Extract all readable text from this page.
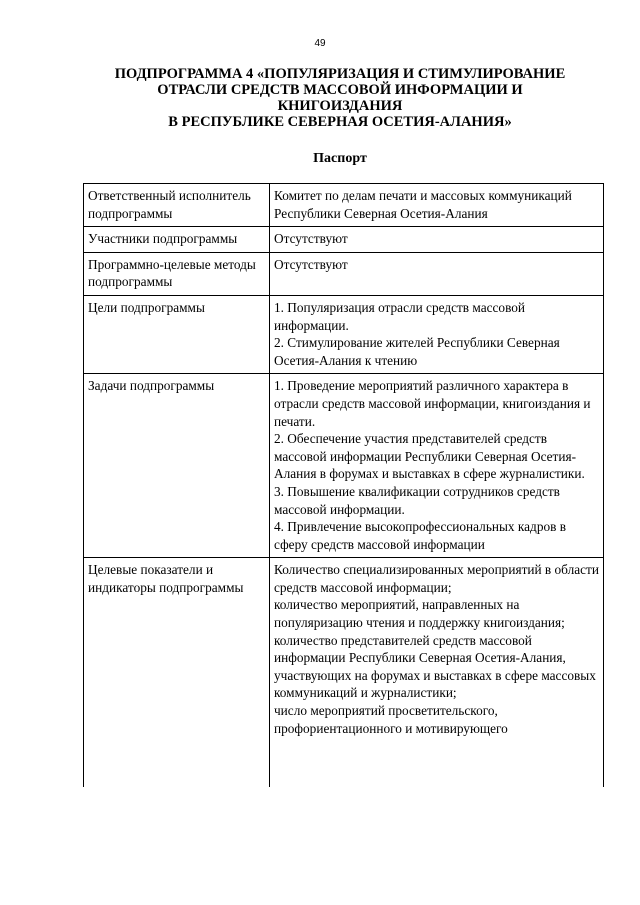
49
ПОДПРОГРАММА 4 «ПОПУЛЯРИЗАЦИЯ И СТИМУЛИРОВАНИЕ
ОТРАСЛИ СРЕДСТВ МАССОВОЙ ИНФОРМАЦИИ И
КНИГОИЗДАНИЯ
В РЕСПУБЛИКЕ СЕВЕРНАЯ ОСЕТИЯ-АЛАНИЯ»
Паспорт
Ответственный исполнитель подпрограммы	Комитет по делам печати и массовых коммуникаций Республики Северная Осетия-Алания

Участники подпрограммы	Отсутствуют

Программно-целевые методы подпрограммы	Отсутствуют

Цели подпрограммы	1. Популяризация отрасли средств массовой информации.
2. Стимулирование жителей Республики Северная Осетия-Алания к чтению

Задачи подпрограммы	1. Проведение мероприятий различного характера в отрасли средств массовой информации, книгоиздания и печати.
2. Обеспечение участия представителей средств массовой информации Республики Северная Осетия-Алания в форумах и выставках в сфере журналистики.
3. Повышение квалификации сотрудников средств массовой информации.
4. Привлечение высокопрофессиональных кадров в сферу средств массовой информации

Целевые показатели и индикаторы подпрограммы	Количество специализированных мероприятий в области средств массовой информации;
количество мероприятий, направленных на популяризацию чтения и поддержку книгоиздания;
количество представителей средств массовой информации Республики Северная Осетия-Алания, участвующих на форумах и выставках в сфере массовых коммуникаций и журналистики;
число мероприятий просветительского, профориентационного и мотивирующего
